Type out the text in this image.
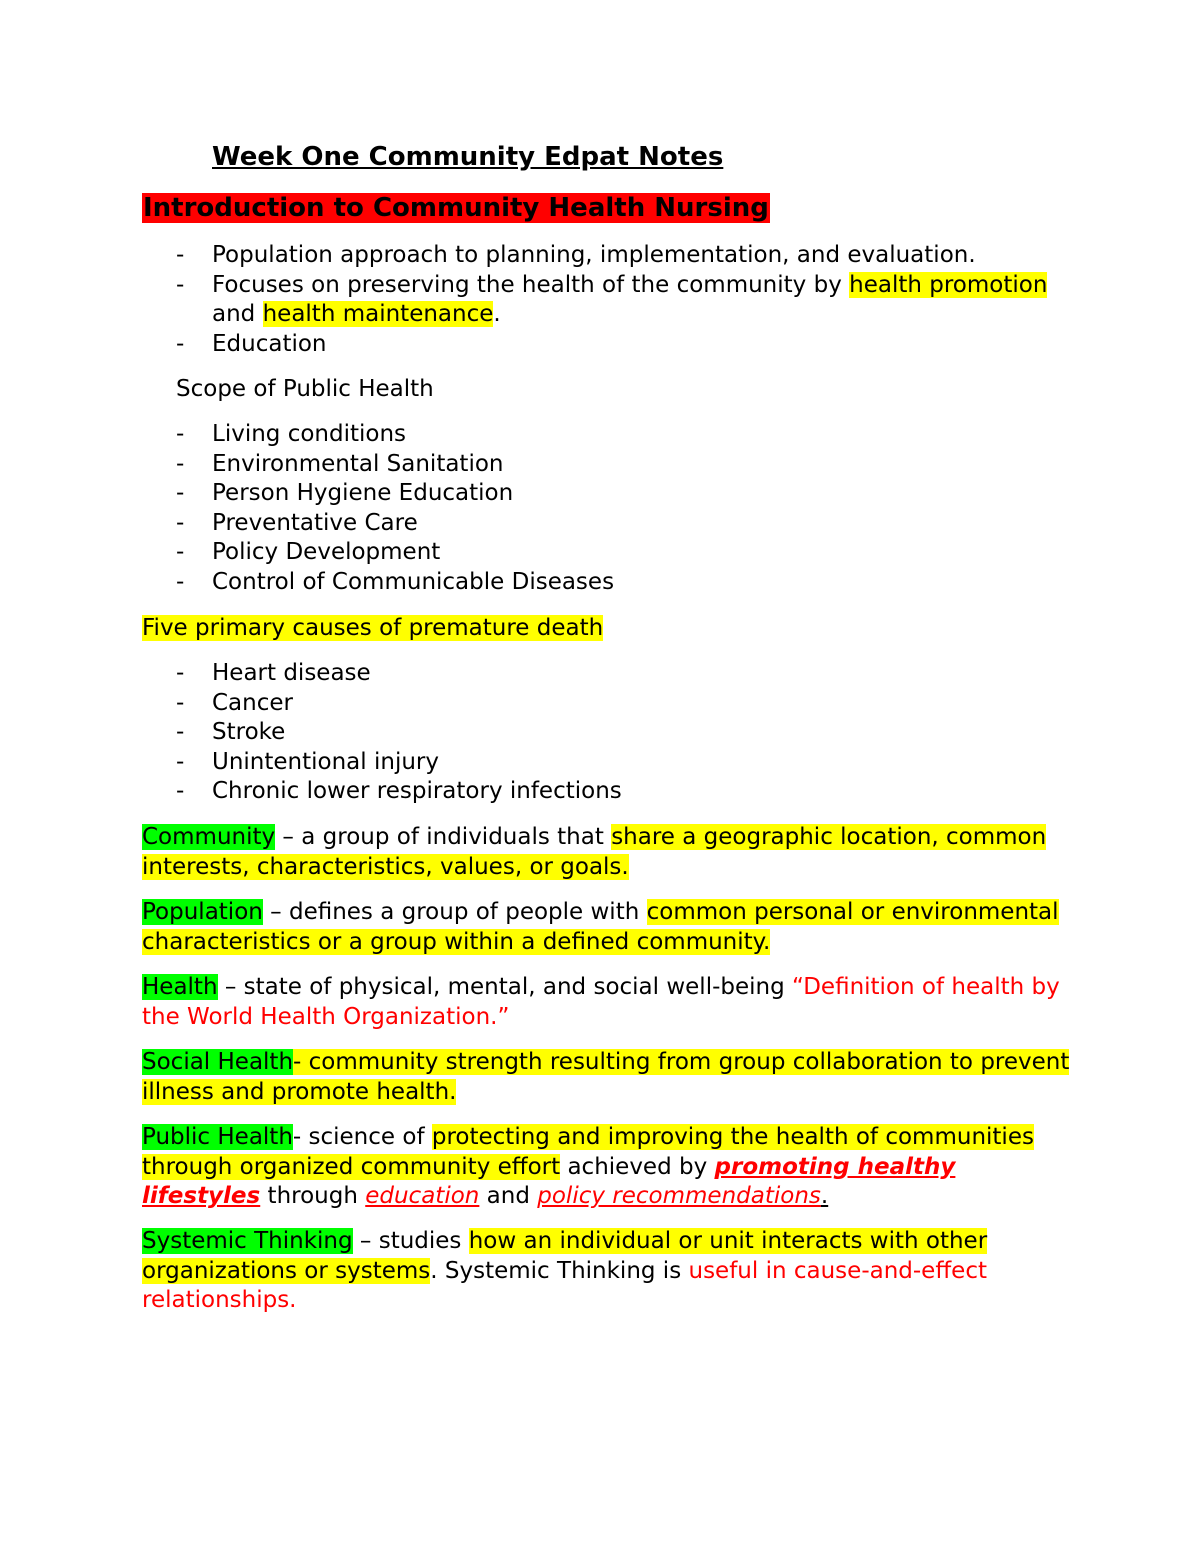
Week One Community Edpat Notes
Introduction to Community Health Nursing
- Population approach to planning, implementation, and evaluation.
- Focuses on preserving the health of the community by health promotion and health maintenance.
- Education
Scope of Public Health
- Living conditions
- Environmental Sanitation
- Person Hygiene Education
- Preventative Care
- Policy Development
- Control of Communicable Diseases
Five primary causes of premature death
- Heart disease
- Cancer
- Stroke
- Unintentional injury
- Chronic lower respiratory infections
Community – a group of individuals that share a geographic location, common interests, characteristics, values, or goals.
Population – defines a group of people with common personal or environmental characteristics or a group within a defined community.
Health – state of physical, mental, and social well-being “Definition of health by the World Health Organization.”
Social Health- community strength resulting from group collaboration to prevent illness and promote health.
Public Health- science of protecting and improving the health of communities through organized community effort achieved by promoting healthy lifestyles through education and policy recommendations.
Systemic Thinking – studies how an individual or unit interacts with other organizations or systems. Systemic Thinking is useful in cause-and-effect relationships.
